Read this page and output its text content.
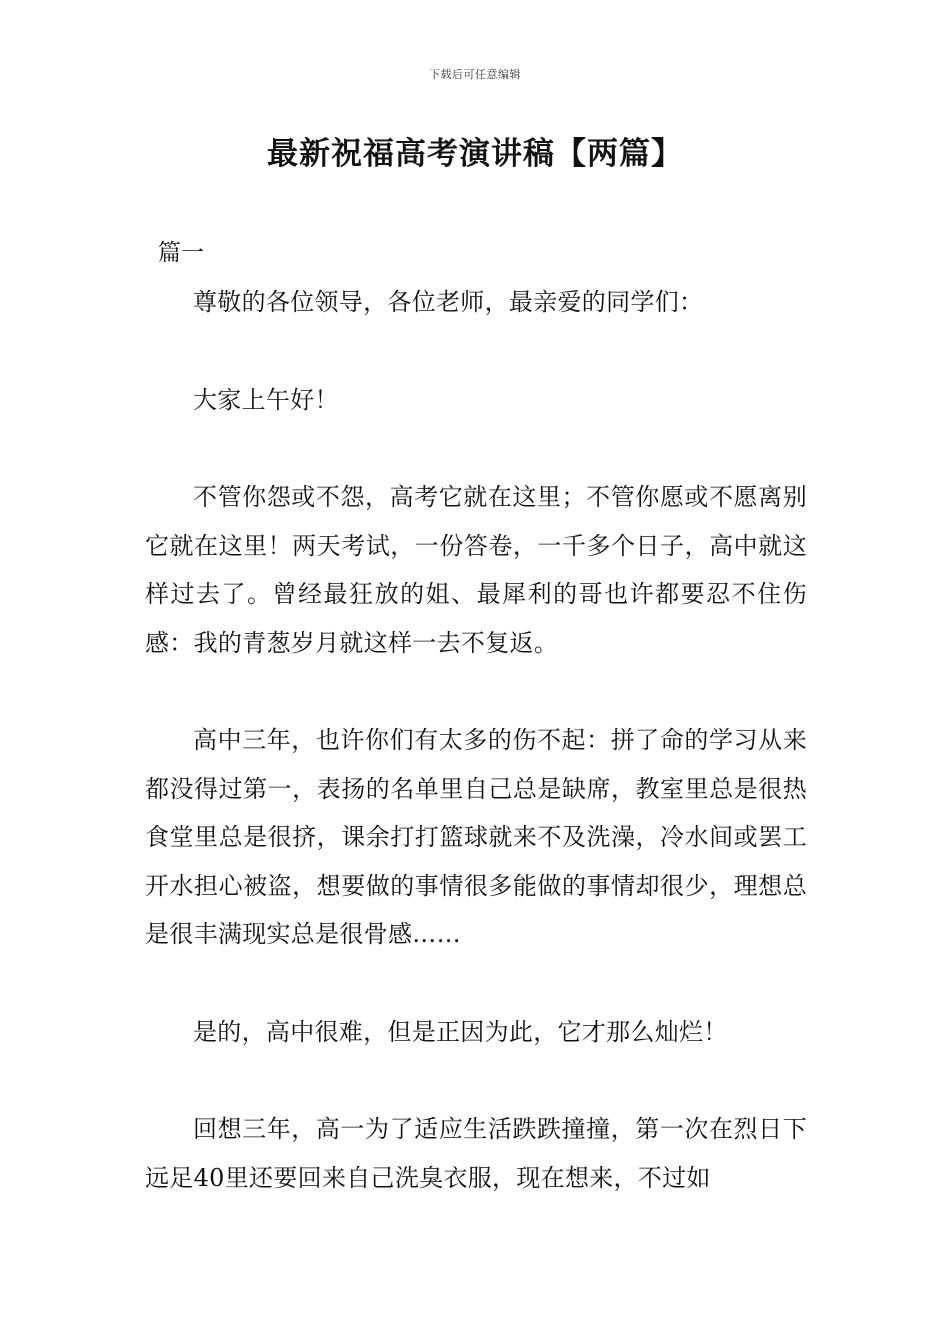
下载后可任意编辑
最新祝福高考演讲稿【两篇】
篇一

尊敬的各位领导，各位老师，最亲爱的同学们：

大家上午好！

不管你怨或不怨，高考它就在这里；不管你愿或不愿离别它就在这里！两天考试，一份答卷，一千多个日子，高中就这样过去了。曾经最狂放的姐、最犀利的哥也许都要忍不住伤感：我的青葱岁月就这样一去不复返。

高中三年，也许你们有太多的伤不起：拼了命的学习从来都没得过第一，表扬的名单里自己总是缺席，教室里总是很热食堂里总是很挤，课余打打篮球就来不及洗澡，冷水间或罢工开水担心被盗，想要做的事情很多能做的事情却很少，理想总是很丰满现实总是很骨感……

是的，高中很难，但是正因为此，它才那么灿烂！

回想三年，高一为了适应生活跌跌撞撞，第一次在烈日下远足40里还要回来自己洗臭衣服，现在想来，不过如
